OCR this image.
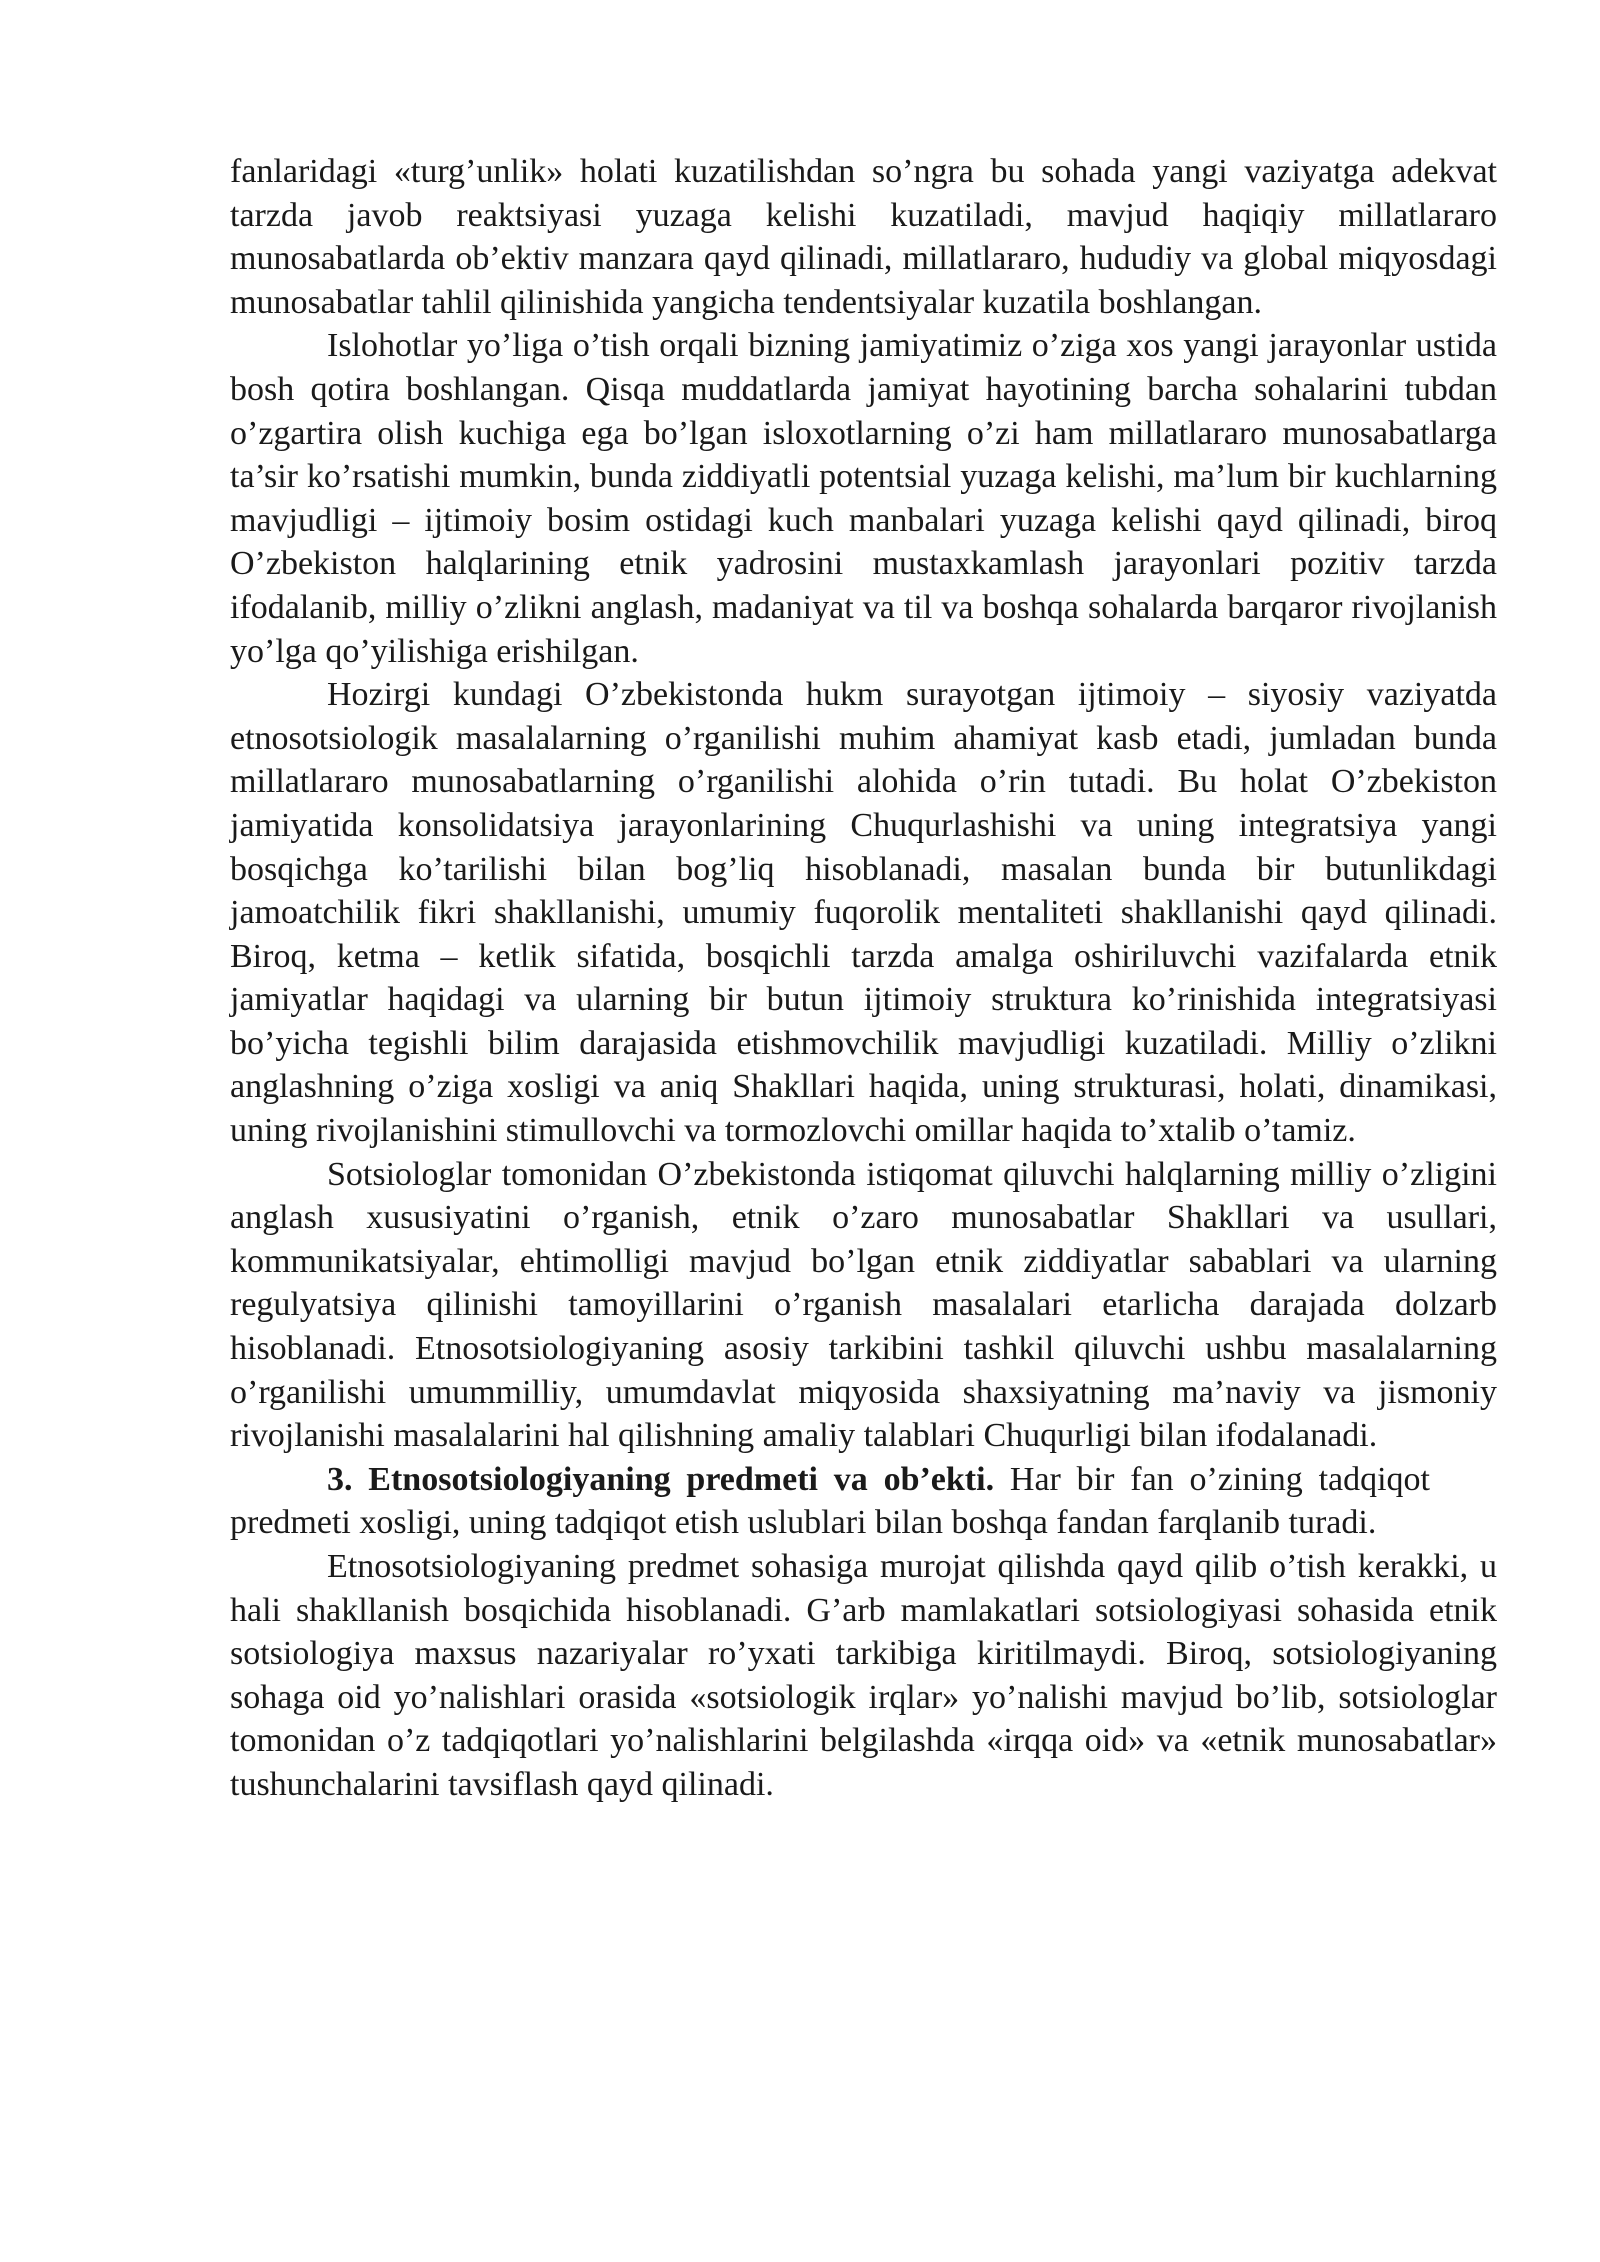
fanlaridagi «turg’unlik» holati kuzatilishdan so’ngra bu sohada yangi vaziyatga adekvat tarzda javob reaktsiyasi yuzaga kelishi kuzatiladi, mavjud haqiqiy millatlararo munosabatlarda ob’ektiv manzara qayd qilinadi, millatlararo, hududiy va global miqyosdagi munosabatlar tahlil qilinishida yangicha tendentsiyalar kuzatila boshlangan.

Islohotlar yo’liga o’tish orqali bizning jamiyatimiz o’ziga xos yangi jarayonlar ustida bosh qotira boshlangan. Qisqa muddatlarda jamiyat hayotining barcha sohalarini tubdan o’zgartira olish kuchiga ega bo’lgan isloxotlarning o’zi ham millatlararo munosabatlarga ta’sir ko’rsatishi mumkin, bunda ziddiyatli potentsial yuzaga kelishi, ma’lum bir kuchlarning mavjudligi – ijtimoiy bosim ostidagi kuch manbalari yuzaga kelishi qayd qilinadi, biroq O’zbekiston halqlarining etnik yadrosini mustaxkamlash jarayonlari pozitiv tarzda ifodalanib, milliy o’zlikni anglash, madaniyat va til va boshqa sohalarda barqaror rivojlanish yo’lga qo’yilishiga erishilgan.

Hozirgi kundagi O’zbekistonda hukm surayotgan ijtimoiy – siyosiy vaziyatda etnosotsiologik masalalarning o’rganilishi muhim ahamiyat kasb etadi, jumladan bunda millatlararo munosabatlarning o’rganilishi alohida o’rin tutadi. Bu holat O’zbekiston jamiyatida konsolidatsiya jarayonlarining Chuqurlashishi va uning integratsiya yangi bosqichga ko’tarilishi bilan bog’liq hisoblanadi, masalan bunda bir butunlikdagi jamoatchilik fikri shakllanishi, umumiy fuqorolik mentaliteti shakllanishi qayd qilinadi. Biroq, ketma – ketlik sifatida, bosqichli tarzda amalga oshiriluvchi vazifalarda etnik jamiyatlar haqidagi va ularning bir butun ijtimoiy struktura ko’rinishida integratsiyasi bo’yicha tegishli bilim darajasida etishmovchilik mavjudligi kuzatiladi. Milliy o’zlikni anglashning o’ziga xosligi va aniq Shakllari haqida, uning strukturasi, holati, dinamikasi, uning rivojlanishini stimullovchi va tormozlovchi omillar haqida to’xtalib o’tamiz.

Sotsiologlar tomonidan O’zbekistonda istiqomat qiluvchi halqlarning milliy o’zligini anglash xususiyatini o’rganish, etnik o’zaro munosabatlar Shakllari va usullari, kommunikatsiyalar, ehtimolligi mavjud bo’lgan etnik ziddiyatlar sabablari va ularning regulyatsiya qilinishi tamoyillarini o’rganish masalalari etarlicha darajada dolzarb hisoblanadi. Etnosotsiologiyaning asosiy tarkibini tashkil qiluvchi ushbu masalalarning o’rganilishi umummilliy, umumdavlat miqyosida shaxsiyatning ma’naviy va jismoniy rivojlanishi masalalarini hal qilishning amaliy talablari Chuqurligi bilan ifodalanadi.

3. Etnosotsiologiyaning predmeti va ob’ekti. Har bir fan o’zining tadqiqot predmeti xosligi, uning tadqiqot etish uslublari bilan boshqa fandan farqlanib turadi.

Etnosotsiologiyaning predmet sohasiga murojat qilishda qayd qilib o’tish kerakki, u hali shakllanish bosqichida hisoblanadi. G’arb mamlakatlari sotsiologiyasi sohasida etnik sotsiologiya maxsus nazariyalar ro’yxati tarkibiga kiritilmaydi. Biroq, sotsiologiyaning sohaga oid yo’nalishlari orasida «sotsiologik irqlar» yo’nalishi mavjud bo’lib, sotsiologlar tomonidan o’z tadqiqotlari yo’nalishlarini belgilashda «irqqa oid» va «etnik munosabatlar» tushunchalarini tavsiflash qayd qilinadi.
